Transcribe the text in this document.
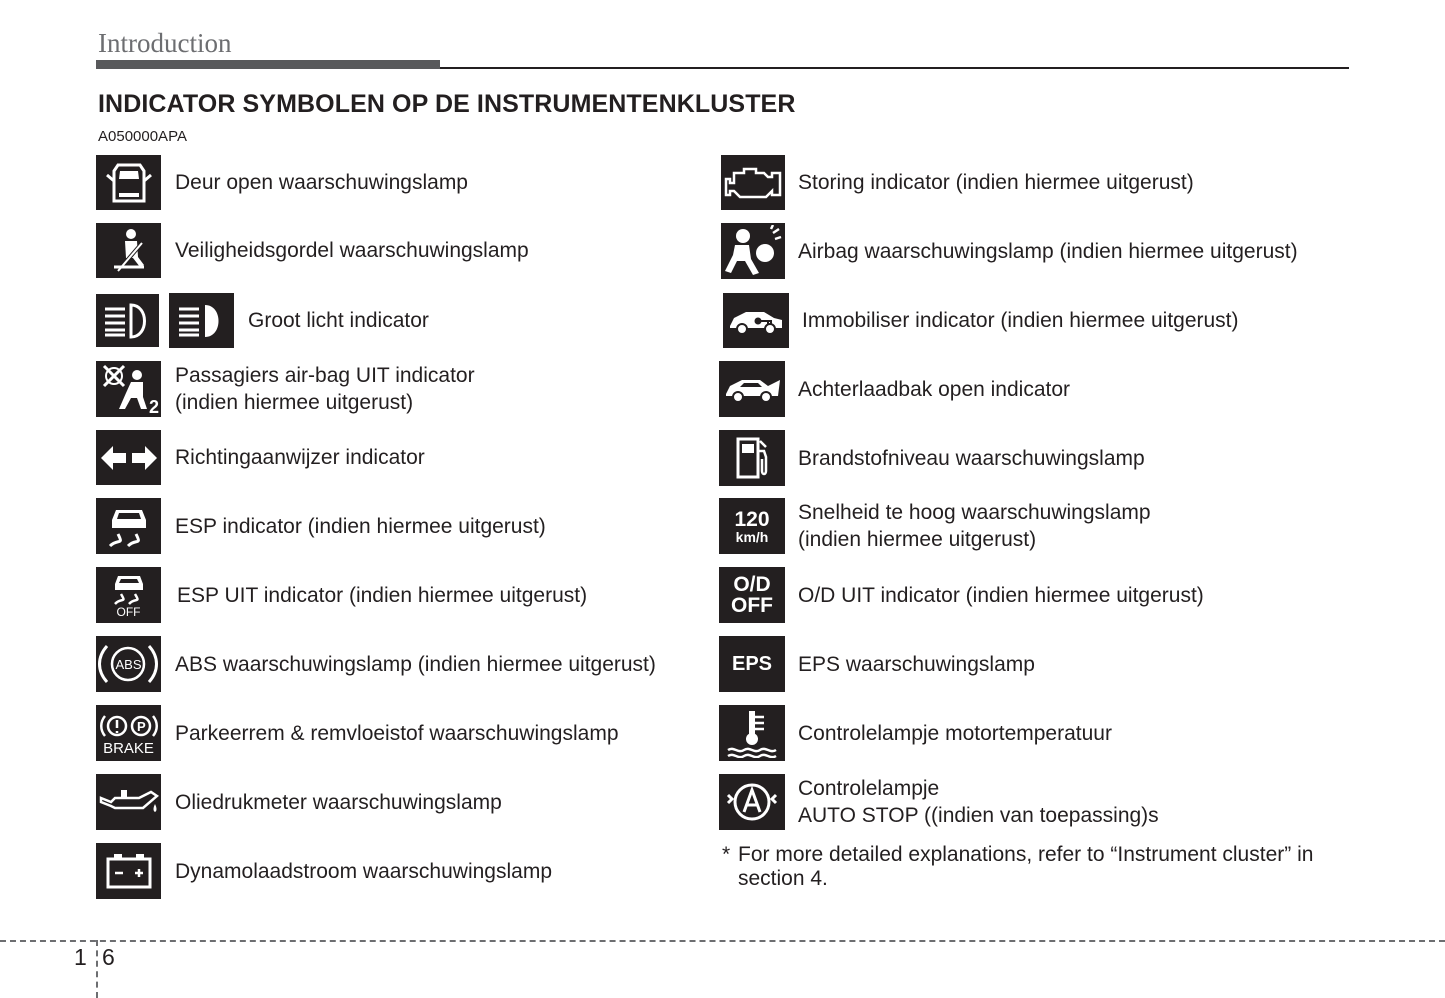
Introduction
INDICATOR SYMBOLEN OP DE INSTRUMENTENKLUSTER
A050000APA
Deur open waarschuwingslamp
Veiligheidsgordel waarschuwingslamp
Groot licht indicator
2
Passagiers air-bag UIT indicator
(indien hiermee uitgerust)
Richtingaanwijzer indicator
ESP indicator (indien hiermee uitgerust)
OFF
ESP UIT indicator (indien hiermee uitgerust)
ABS ABS waarschuwingslamp (indien hiermee uitgerust)
P
BRAKE
Parkeerrem & remvloeistof waarschuwingslamp
Oliedrukmeter waarschuwingslamp
Dynamolaadstroom waarschuwingslamp
Storing indicator (indien hiermee uitgerust)
Airbag waarschuwingslamp (indien hiermee uitgerust)
Immobiliser indicator (indien hiermee uitgerust)
Achterlaadbak open indicator
Brandstofniveau waarschuwingslamp
120
km/h
Snelheid te hoog waarschuwingslamp
(indien hiermee uitgerust)
O/D
OFF O/D UIT indicator (indien hiermee uitgerust)
EPS EPS waarschuwingslamp
Controlelampje motortemperatuur
Controlelampje
AUTO STOP ((indien van toepassing)s
* For more detailed explanations, refer to “Instrument cluster” in section 4.
1 6
